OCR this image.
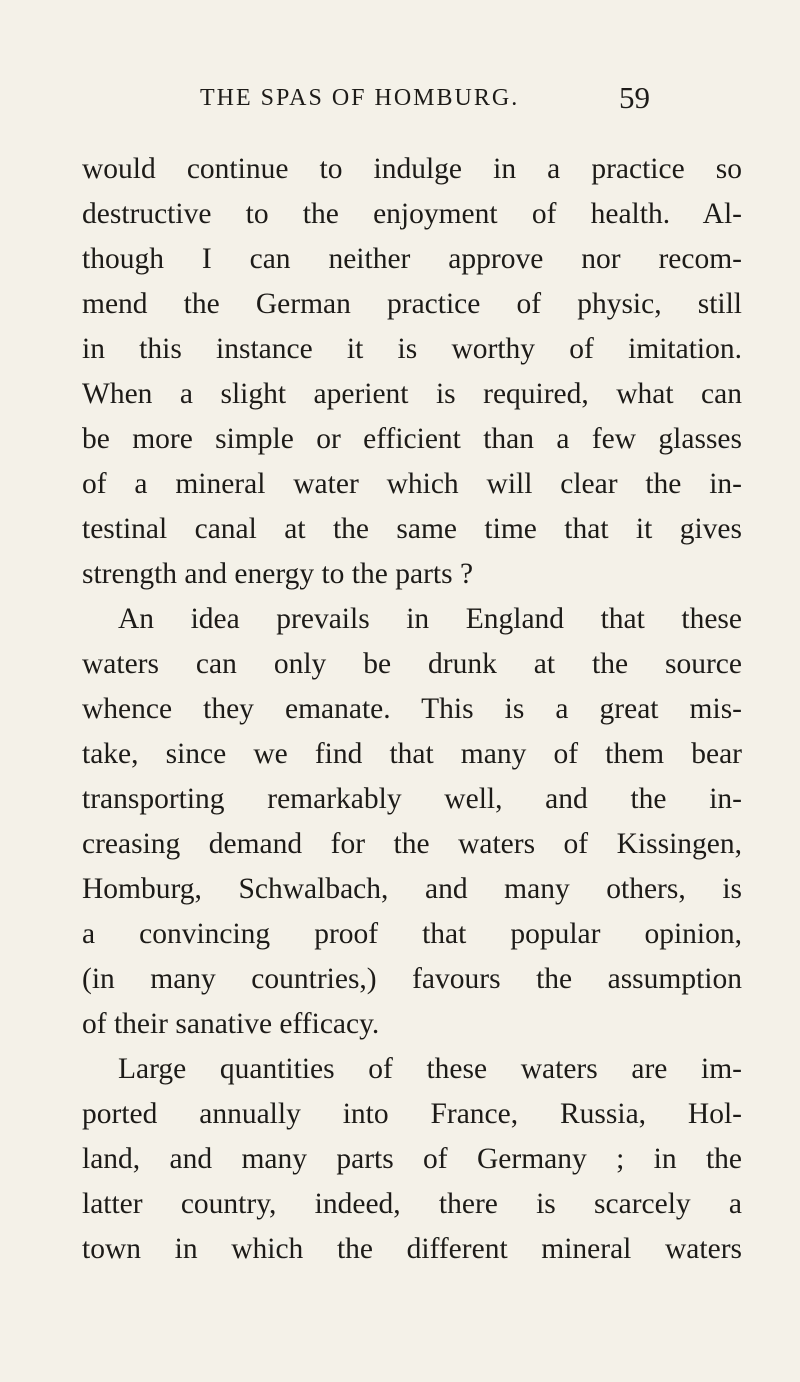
THE SPAS OF HOMBURG.	59
would continue to indulge in a practice so
destructive to the enjoyment of health. Al-
though I can neither approve nor recom-
mend the German practice of physic, still
in this instance it is worthy of imitation.
When a slight aperient is required, what can
be more simple or efficient than a few glasses
of a mineral water which will clear the in-
testinal canal at the same time that it gives
strength and energy to the parts ?
An idea prevails in England that these
waters can only be drunk at the source
whence they emanate. This is a great mis-
take, since we find that many of them bear
transporting remarkably well, and the in-
creasing demand for the waters of Kissingen,
Homburg, Schwalbach, and many others, is
a convincing proof that popular opinion,
(in many countries,) favours the assumption
of their sanative efficacy.
Large quantities of these waters are im-
ported annually into France, Russia, Hol-
land, and many parts of Germany ; in the
latter country, indeed, there is scarcely a
town in which the different mineral waters
